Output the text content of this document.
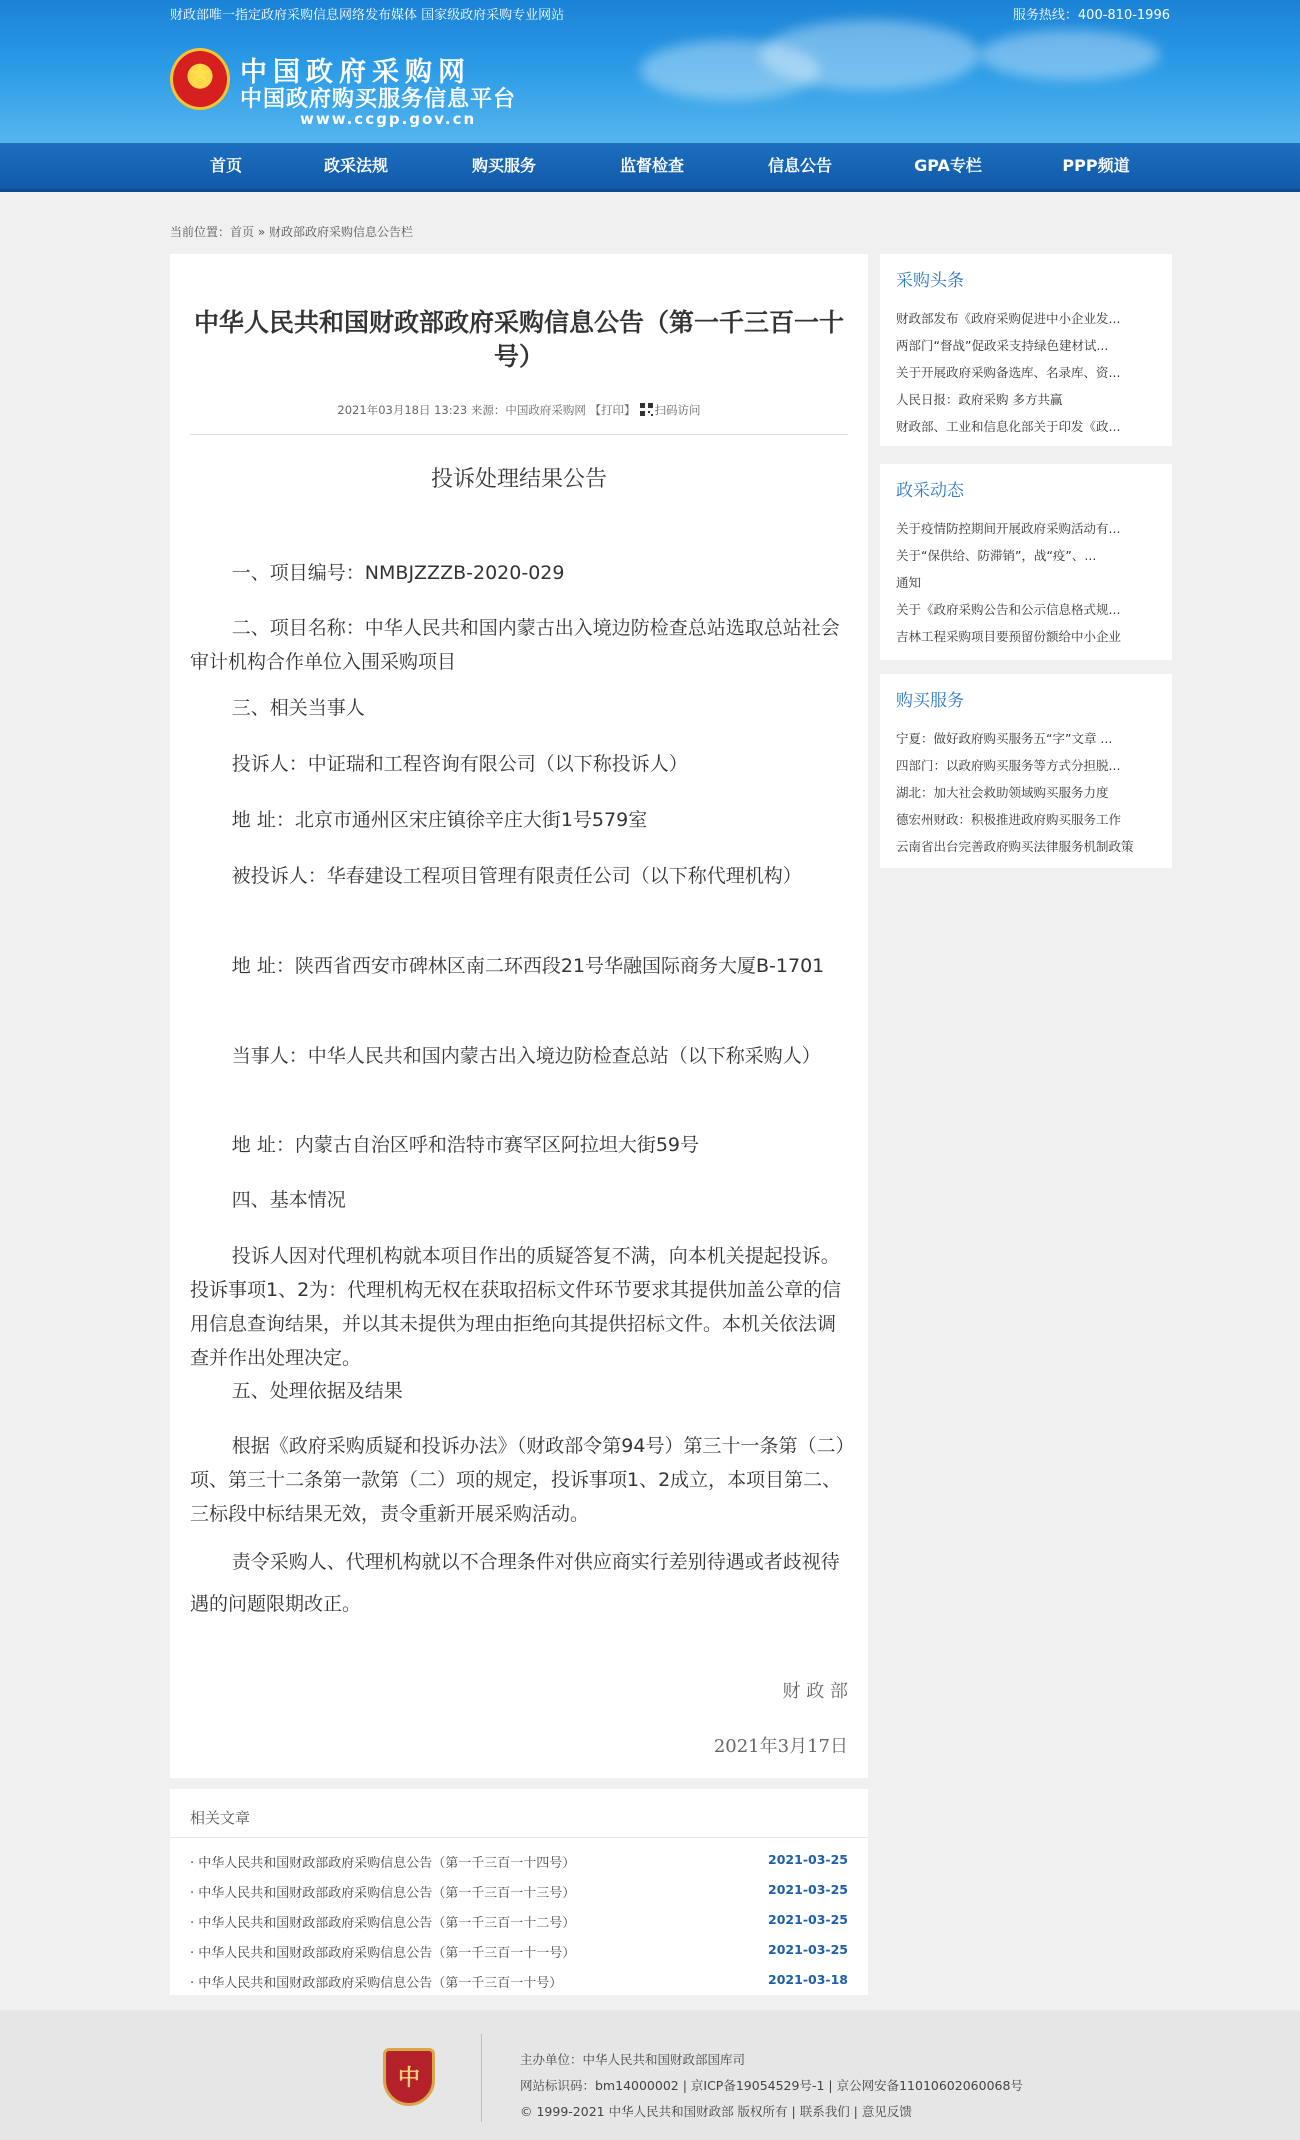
财政部唯一指定政府采购信息网络发布媒体 国家级政府采购专业网站	服务热线：400-810-1996
★
中国政府采购网
中国政府购买服务信息平台
www.ccgp.gov.cn
首页	政采法规	购买服务	监督检查	信息公告	GPA专栏	PPP频道
当前位置：首页 » 财政部政府采购信息公告栏
中华人民共和国财政部政府采购信息公告（第一千三百一十号）
2021年03月18日 13:23 来源：中国政府采购网 【打印】 扫码访问
投诉处理结果公告
一、项目编号：NMBJZZZB-2020-029
二、项目名称：中华人民共和国内蒙古出入境边防检查总站选取总站社会审计机构合作单位入围采购项目
三、相关当事人
投诉人：中证瑞和工程咨询有限公司（以下称投诉人）
地 址：北京市通州区宋庄镇徐辛庄大街1号579室
被投诉人：华春建设工程项目管理有限责任公司（以下称代理机构）
地 址：陕西省西安市碑林区南二环西段21号华融国际商务大厦B-1701
当事人：中华人民共和国内蒙古出入境边防检查总站（以下称采购人）
地 址：内蒙古自治区呼和浩特市赛罕区阿拉坦大街59号
四、基本情况
投诉人因对代理机构就本项目作出的质疑答复不满，向本机关提起投诉。投诉事项1、2为：代理机构无权在获取招标文件环节要求其提供加盖公章的信用信息查询结果，并以其未提供为理由拒绝向其提供招标文件。本机关依法调查并作出处理决定。
五、处理依据及结果
根据《政府采购质疑和投诉办法》（财政部令第94号）第三十一条第（二）项、第三十二条第一款第（二）项的规定，投诉事项1、2成立，本项目第二、三标段中标结果无效，责令重新开展采购活动。
责令采购人、代理机构就以不合理条件对供应商实行差别待遇或者歧视待遇的问题限期改正。
财 政 部
2021年3月17日
相关文章
· 中华人民共和国财政部政府采购信息公告（第一千三百一十四号）	2021-03-25
· 中华人民共和国财政部政府采购信息公告（第一千三百一十三号）	2021-03-25
· 中华人民共和国财政部政府采购信息公告（第一千三百一十二号）	2021-03-25
· 中华人民共和国财政部政府采购信息公告（第一千三百一十一号）	2021-03-25
· 中华人民共和国财政部政府采购信息公告（第一千三百一十号）	2021-03-18
采购头条
财政部发布《政府采购促进中小企业发...
两部门“督战”促政采支持绿色建材试...
关于开展政府采购备选库、名录库、资...
人民日报：政府采购 多方共赢
财政部、工业和信息化部关于印发《政...
政采动态
关于疫情防控期间开展政府采购活动有...
关于“保供给、防滞销”，战“疫”、...
通知
关于《政府采购公告和公示信息格式规...
吉林工程采购项目要预留份额给中小企业
购买服务
宁夏：做好政府购买服务五“字”文章 ...
四部门：以政府购买服务等方式分担脱...
湖北：加大社会救助领域购买服务力度
德宏州财政：积极推进政府购买服务工作
云南省出台完善政府购买法律服务机制政策
中
主办单位：中华人民共和国财政部国库司
网站标识码：bm14000002 | 京ICP备19054529号-1 | 京公网安备11010602060068号
© 1999-2021 中华人民共和国财政部 版权所有 | 联系我们 | 意见反馈
